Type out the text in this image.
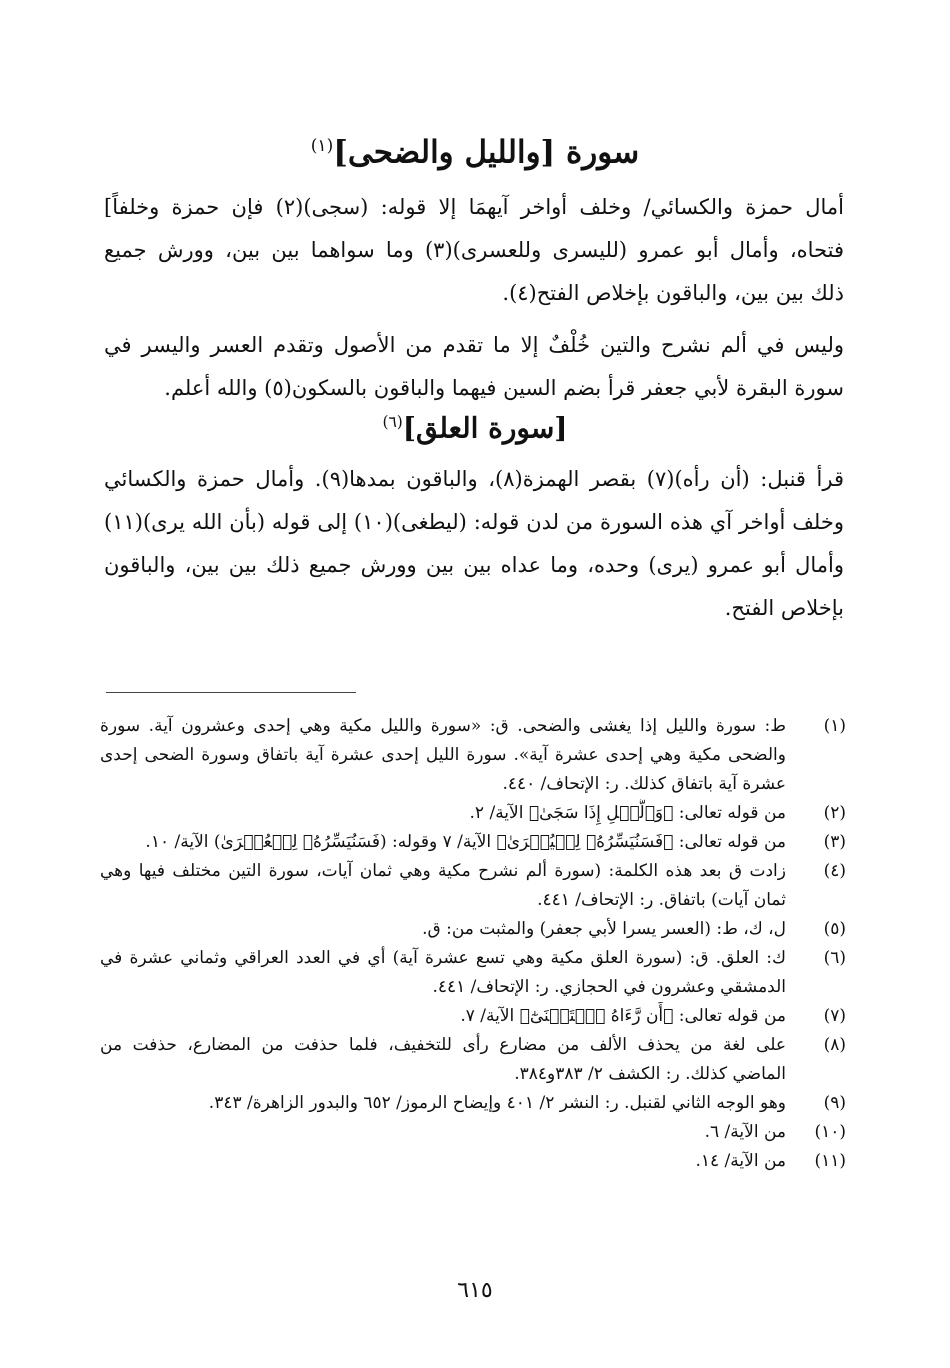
سورة [والليل والضحى]$^{(١)}$
أمال حمزة والكسائي/ وخلف أواخر آيهمَا إلا قوله: (سجى)(٢) فإن حمزة وخلفاً]
فتحاه، وأمال أبو عمرو (لليسرى وللعسرى)(٣) وما سواهما بين بين، وورش جميع
ذلك بين بين، والباقون بإخلاص الفتح(٤).
وليس في ألم نشرح والتين خُلْفٌ إلا ما تقدم من الأصول وتقدم العسر واليسر في
سورة البقرة لأبي جعفر قرأ بضم السين فيهما والباقون بالسكون(٥) والله أعلم.
[سورة العلق]$^{(٦)}$
قرأ قنبل: (أن رأه)(٧) بقصر الهمزة(٨)، والباقون بمدها(٩). وأمال حمزة والكسائي
وخلف أواخر آي هذه السورة من لدن قوله: (ليطغى)(١٠) إلى قوله (بأن الله يرى)(١١)
وأمال أبو عمرو (يرى) وحده، وما عداه بين بين وورش جميع ذلك بين بين، والباقون
بإخلاص الفتح.
(١)
ط: سورة والليل إذا يغشى والضحى. ق: «سورة والليل مكية وهي إحدى وعشرون آية. سورة
والضحى مكية وهي إحدى عشرة آية». سورة الليل إحدى عشرة آية باتفاق وسورة الضحى إحدى
عشرة آية باتفاق كذلك. ر: الإتحاف/ ٤٤٠.
(٢)
من قوله تعالى: ﴿وَٱلَّيۡلِ إِذَا سَجَىٰ﴾ الآية/ ٢.
(٣)
من قوله تعالى: ﴿فَسَنُيَسِّرُهُۥ لِلۡيُسۡرَىٰ﴾ الآية/ ٧ وقوله: (فَسَنُيَسِّرُهُۥ لِلۡعُسۡرَىٰ) الآية/ ١٠.
(٤)
زادت ق بعد هذه الكلمة: (سورة ألم نشرح مكية وهي ثمان آيات، سورة التين مختلف فيها وهي
ثمان آيات) باتفاق. ر: الإتحاف/ ٤٤١.
(٥)
ل، ك، ط: (العسر يسرا لأبي جعفر) والمثبت من: ق.
(٦)
ك: العلق. ق: (سورة العلق مكية وهي تسع عشرة آية) أي في العدد العراقي وثماني عشرة في
الدمشقي وعشرون في الحجازي. ر: الإتحاف/ ٤٤١.
(٧)
من قوله تعالى: ﴿أَن رَّءَاهُ ٱسۡتَغۡنَىٰٓ﴾ الآية/ ٧.
(٨)
على لغة من يحذف الألف من مضارع رأى للتخفيف، فلما حذفت من المضارع، حذفت من
الماضي كذلك. ر: الكشف ٢/ ٣٨٣و٣٨٤.
(٩)
وهو الوجه الثاني لقنبل. ر: النشر ٢/ ٤٠١ وإيضاح الرموز/ ٦٥٢ والبدور الزاهرة/ ٣٤٣.
(١٠)
من الآية/ ٦.
(١١)
من الآية/ ١٤.
٦١٥
